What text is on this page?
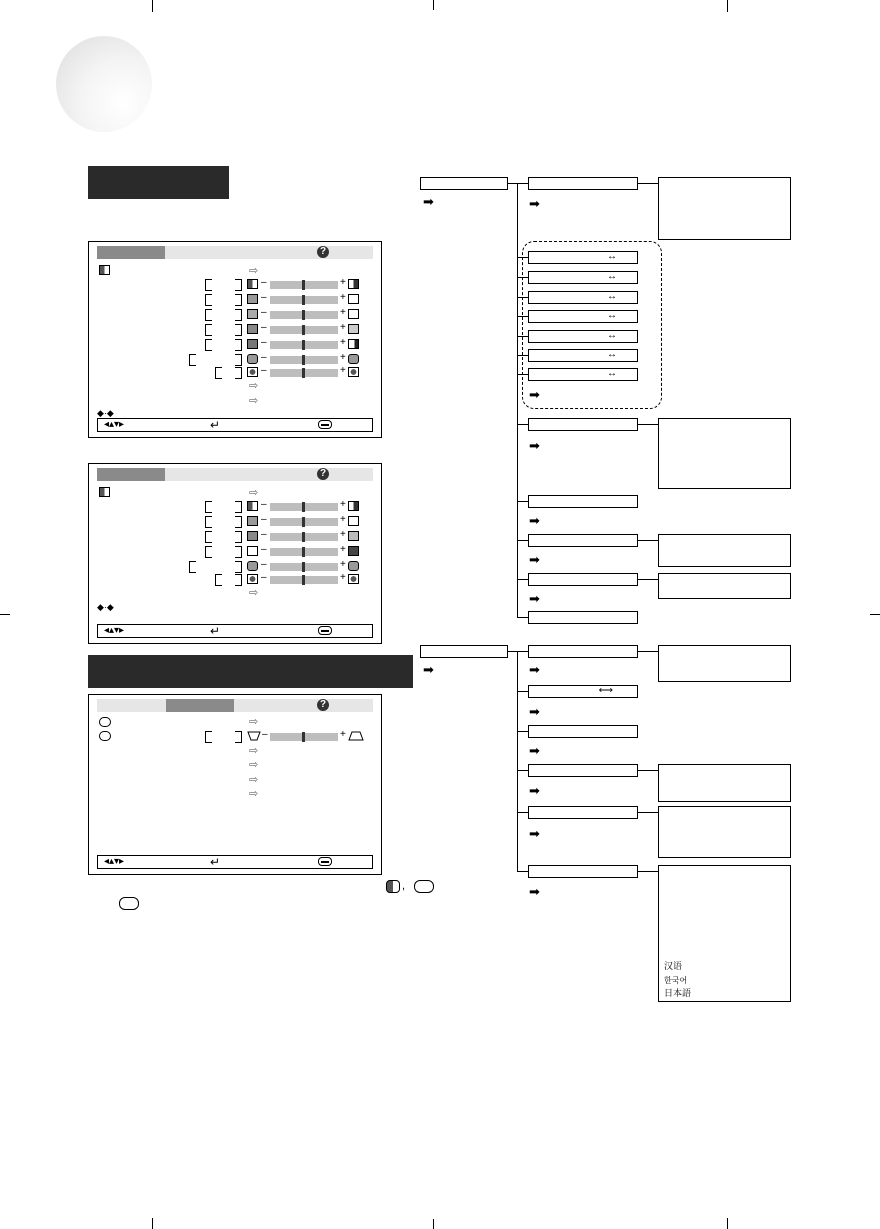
?
⇨
–	+
–	+
–	+
–	+
–	+
–	+
–	+
⇨
⇨
◆·◆
◂▴▾▸	↵
?
⇨
–	+
–	+
–	+
–	+
–	+
–	+
⇨
◆·◆
◂▴▾▸	↵
?
⇨
–	+
⇨
⇨
⇨
⇨
◂▴▾▸	↵
,
➡
➡
➡
↔
↔
↔
↔
↔
↔
↔
➡
➡
➡
➡
➡
➡
⟷
➡
➡
➡
➡
➡
汉语
한국어
日本語
